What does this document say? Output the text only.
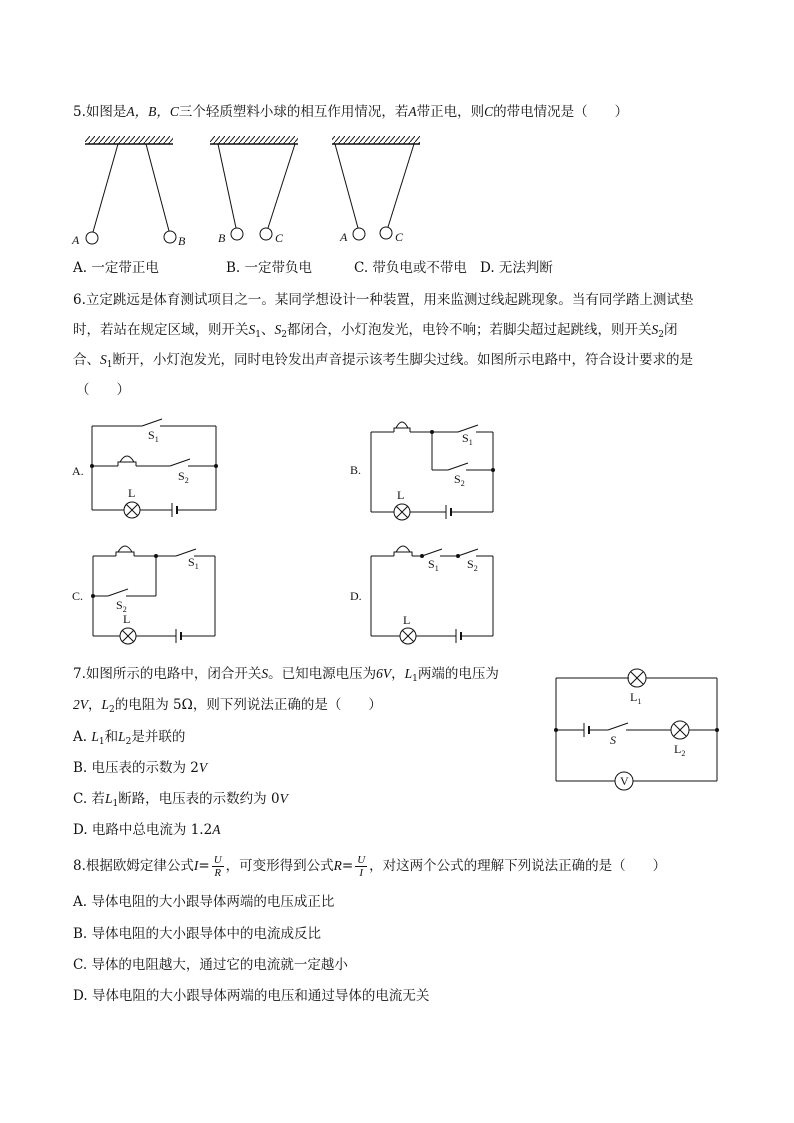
5.如图是A，B，C三个轻质塑料小球的相互作用情况，若A带正电，则C的带电情况是（　　）
A	B	B	C	A	C
A. 一定带正电	B. 一定带负电	C. 带负电或不带电 D. 无法判断
6.立定跳远是体育测试项目之一。某同学想设计一种装置，用来监测过线起跳现象。当有同学踏上测试垫
时，若站在规定区域，则开关$S_1$、$S_2$都闭合，小灯泡发光，电铃不响；若脚尖超过起跳线，则开关$S_2$闭
合、$S_1$断开，小灯泡发光，同时电铃发出声音提示该考生脚尖过线。如图所示电路中，符合设计要求的是
（　　）
A.
$S_1$
$S_2$
L
B.
$S_1$
$S_2$
L
C.
$S_1$
$S_2$
L
D.
$S_1$ $S_2$
L
7.如图所示的电路中，闭合开关S。已知电源电压为6V，$L_1$两端的电压为
2V，$L_2$的电阻为 5Ω，则下列说法正确的是（　　）
A. $L_1$和$L_2$是并联的
B. 电压表的示数为 2V
C. 若$L_1$断路，电压表的示数约为 0V
D. 电路中总电流为 1.2A
$L_1$
S
$L_2$
V
8.根据欧姆定律公式$I= \frac{U}{R}$ ，可变形得到公式$R= \frac{U}{I}$ ，对这两个公式的理解下列说法正确的是（　　）
A. 导体电阻的大小跟导体两端的电压成正比
B. 导体电阻的大小跟导体中的电流成反比
C. 导体的电阻越大，通过它的电流就一定越小
D. 导体电阻的大小跟导体两端的电压和通过导体的电流无关
